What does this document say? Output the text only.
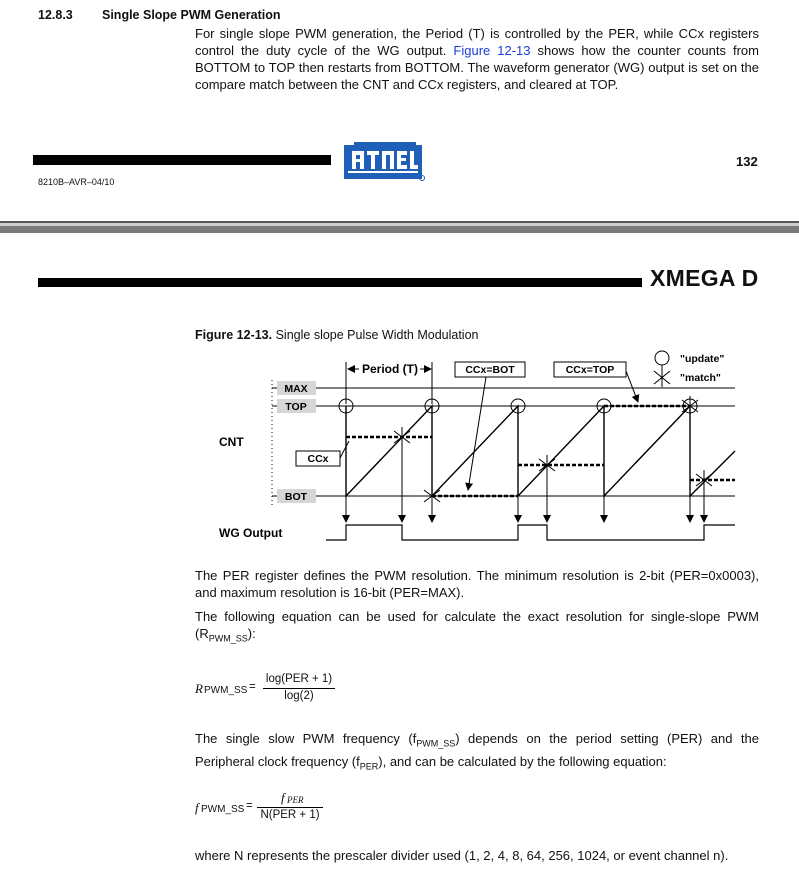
12.8.3 Single Slope PWM Generation
For single slope PWM generation, the Period (T) is controlled by the PER, while CCx registers control the duty cycle of the WG output. Figure 12-13 shows how the counter counts from BOTTOM to TOP then restarts from BOTTOM. The waveform generator (WG) output is set on the compare match between the CNT and CCx registers, and cleared at TOP.
132
8210B–AVR–04/10
XMEGA D
Figure 12-13. Single slope Pulse Width Modulation
MAX
TOP
BOT
CNT
WG Output
CCx
Period (T)	CCx=BOT	CCx=TOP
"update"
"match"
The PER register defines the PWM resolution. The minimum resolution is 2-bit (PER=0x0003), and maximum resolution is 16-bit (PER=MAX).
The following equation can be used for calculate the exact resolution for single-slope PWM $(R_{PWM\_SS})$:
R PWM_SS =
log(PER + 1)
log(2)
The single slow PWM frequency $(f_{PWM\_SS})$ depends on the period setting (PER) and the Peripheral clock frequency $(f_{PER})$, and can be calculated by the following equation:
f PWM_SS =
f PER
N(PER + 1)
where N represents the prescaler divider used (1, 2, 4, 8, 64, 256, 1024, or event channel n).
